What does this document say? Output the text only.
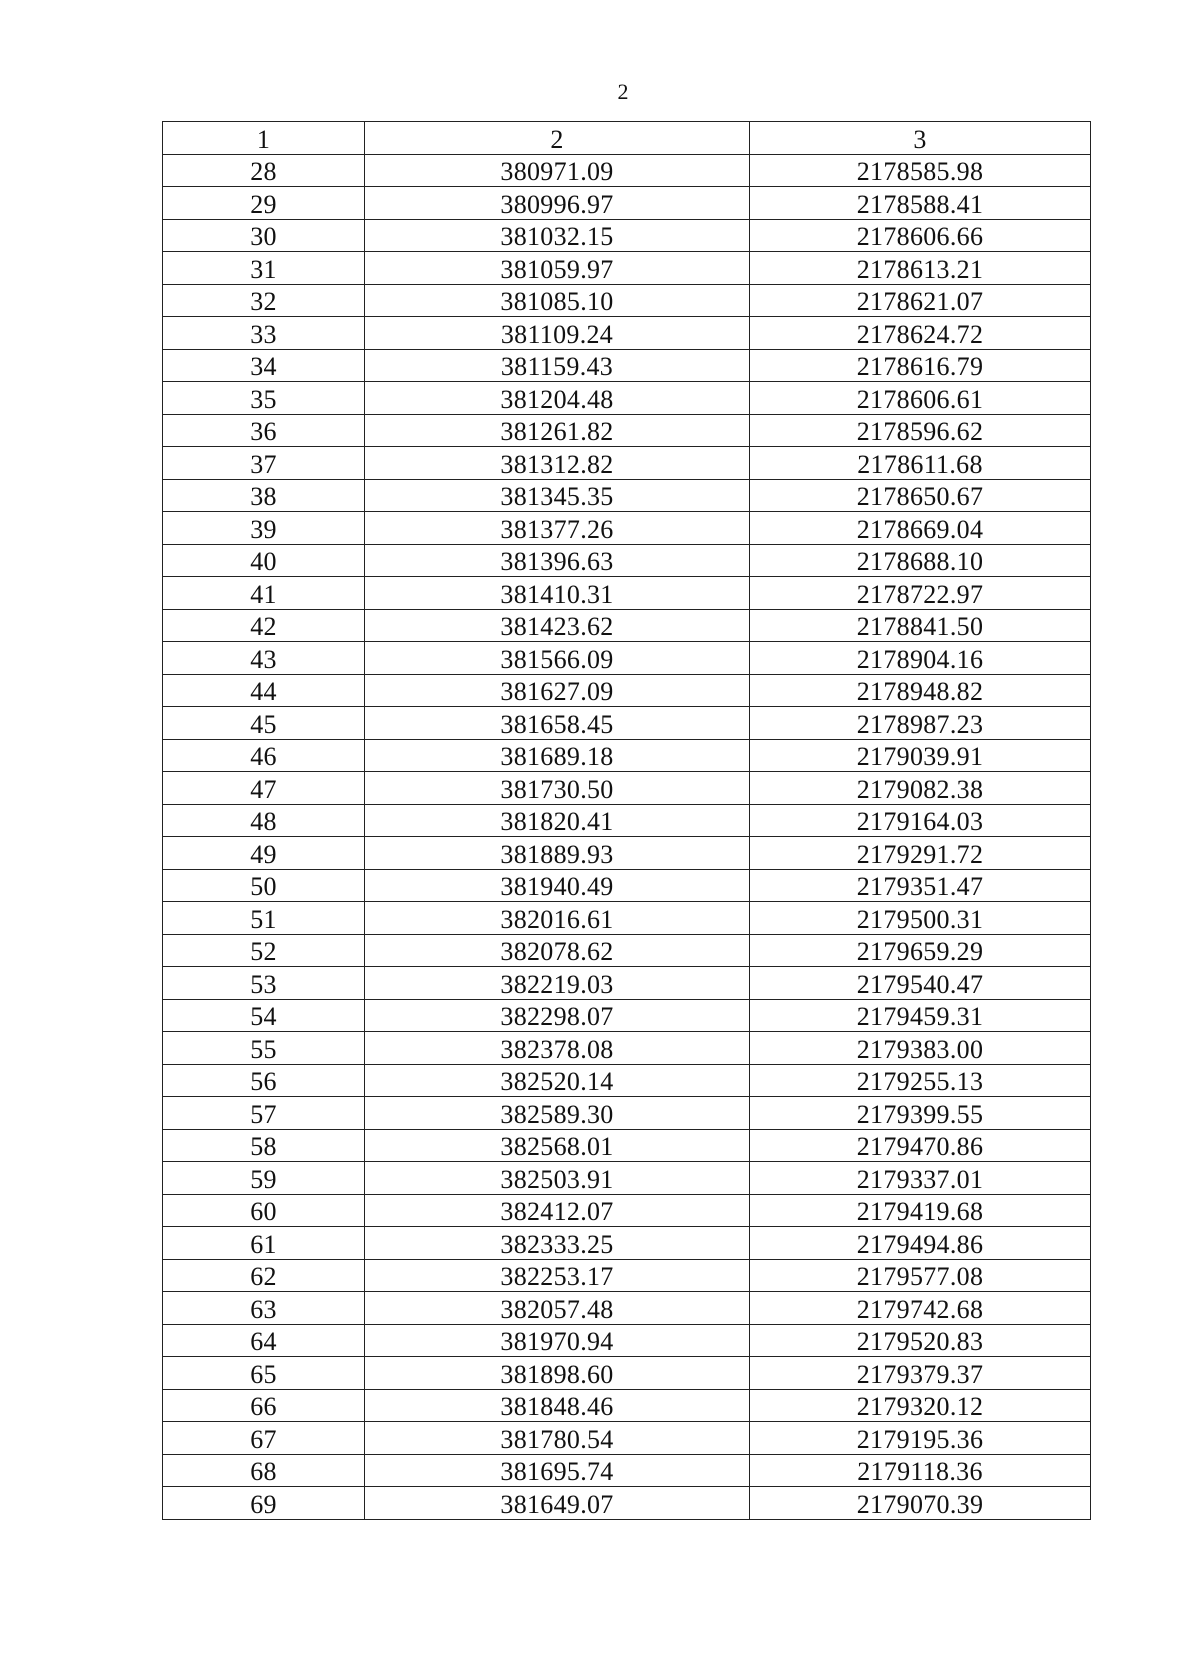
2
1	2	3
28	380971.09	2178585.98
29	380996.97	2178588.41
30	381032.15	2178606.66
31	381059.97	2178613.21
32	381085.10	2178621.07
33	381109.24	2178624.72
34	381159.43	2178616.79
35	381204.48	2178606.61
36	381261.82	2178596.62
37	381312.82	2178611.68
38	381345.35	2178650.67
39	381377.26	2178669.04
40	381396.63	2178688.10
41	381410.31	2178722.97
42	381423.62	2178841.50
43	381566.09	2178904.16
44	381627.09	2178948.82
45	381658.45	2178987.23
46	381689.18	2179039.91
47	381730.50	2179082.38
48	381820.41	2179164.03
49	381889.93	2179291.72
50	381940.49	2179351.47
51	382016.61	2179500.31
52	382078.62	2179659.29
53	382219.03	2179540.47
54	382298.07	2179459.31
55	382378.08	2179383.00
56	382520.14	2179255.13
57	382589.30	2179399.55
58	382568.01	2179470.86
59	382503.91	2179337.01
60	382412.07	2179419.68
61	382333.25	2179494.86
62	382253.17	2179577.08
63	382057.48	2179742.68
64	381970.94	2179520.83
65	381898.60	2179379.37
66	381848.46	2179320.12
67	381780.54	2179195.36
68	381695.74	2179118.36
69	381649.07	2179070.39
